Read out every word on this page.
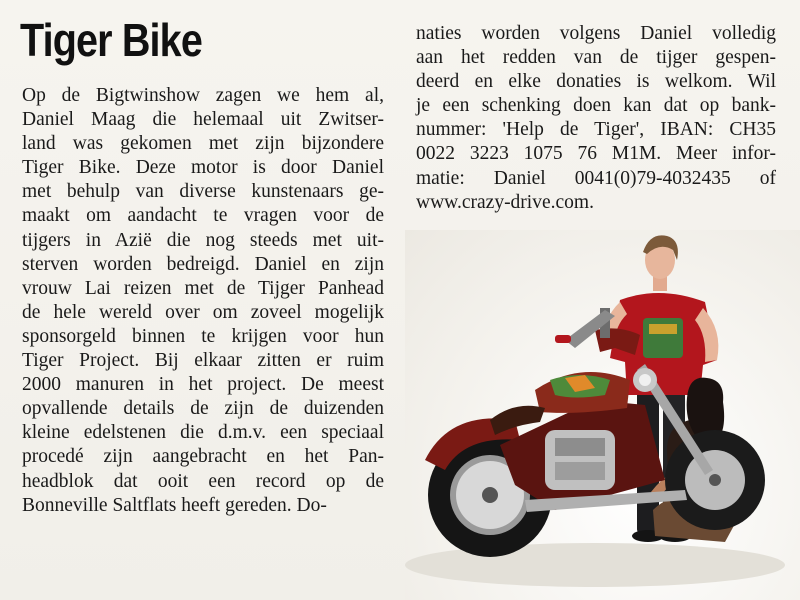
Tiger Bike
Op de Bigtwinshow zagen we hem al,
Daniel Maag die helemaal uit Zwitser-
land was gekomen met zijn bijzondere
Tiger Bike. Deze motor is door Daniel
met behulp van diverse kunstenaars ge-
maakt om aandacht te vragen voor de
tijgers in Azië die nog steeds met uit-
sterven worden bedreigd. Daniel en zijn
vrouw Lai reizen met de Tijger Panhead
de hele wereld over om zoveel mogelijk
sponsorgeld binnen te krijgen voor hun
Tiger Project. Bij elkaar zitten er ruim
2000 manuren in het project. De meest
opvallende details de zijn de duizenden
kleine edelstenen die d.m.v. een speciaal
procedé zijn aangebracht en het Pan-
headblok dat ooit een record op de
Bonneville Saltflats heeft gereden. Do-
naties worden volgens Daniel volledig
aan het redden van de tijger gespen-
deerd en elke donaties is welkom. Wil
je een schenking doen kan dat op bank-
nummer: 'Help de Tiger', IBAN: CH35
0022 3223 1075 76 M1M. Meer infor-
matie: Daniel 0041(0)79-4032435 of
www.crazy-drive.com.
